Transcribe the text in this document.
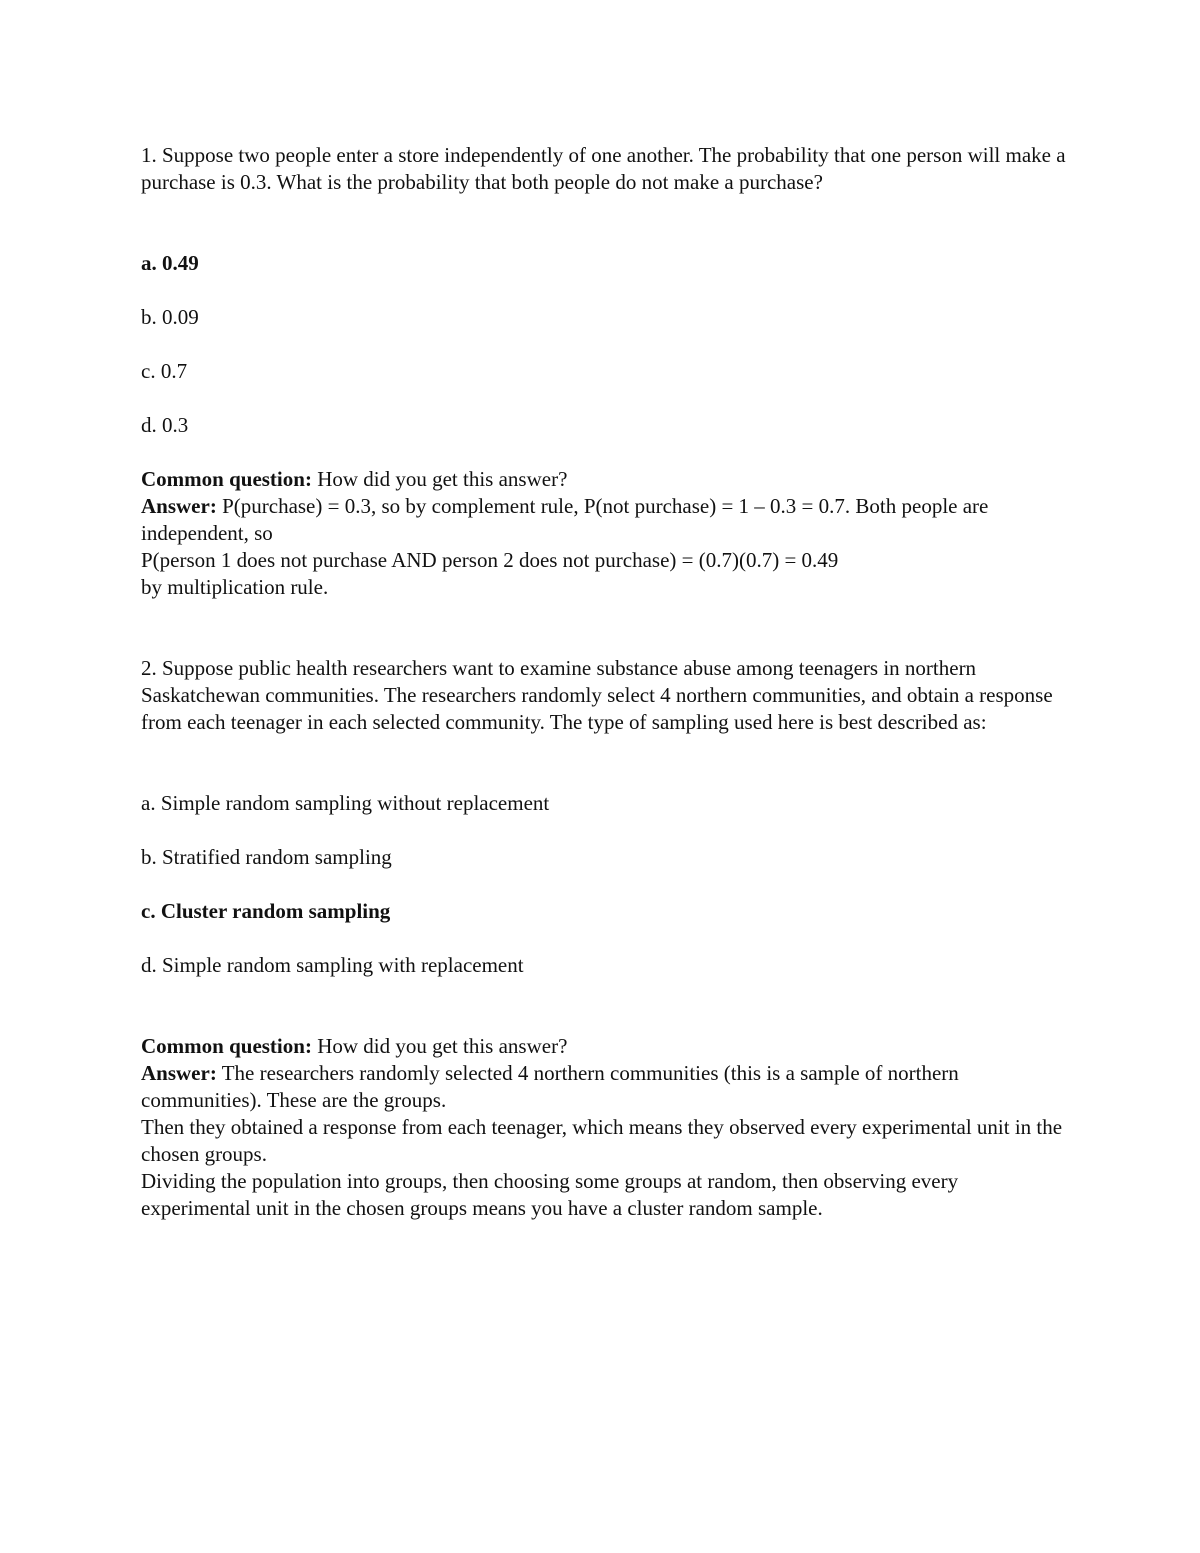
1. Suppose two people enter a store independently of one another. The probability that one person will make a purchase is 0.3. What is the probability that both people do not make a purchase?

a. 0.49

b. 0.09

c. 0.7

d. 0.3

Common question: How did you get this answer?

Answer: P(purchase) = 0.3, so by complement rule, P(not purchase) = 1 – 0.3 = 0.7. Both people are independent, so

P(person 1 does not purchase AND person 2 does not purchase) = (0.7)(0.7) = 0.49

by multiplication rule.

2. Suppose public health researchers want to examine substance abuse among teenagers in northern Saskatchewan communities. The researchers randomly select 4 northern communities, and obtain a response from each teenager in each selected community. The type of sampling used here is best described as:

a. Simple random sampling without replacement

b. Stratified random sampling

c. Cluster random sampling

d. Simple random sampling with replacement

Common question: How did you get this answer?

Answer: The researchers randomly selected 4 northern communities (this is a sample of northern communities). These are the groups.

Then they obtained a response from each teenager, which means they observed every experimental unit in the chosen groups.

Dividing the population into groups, then choosing some groups at random, then observing every experimental unit in the chosen groups means you have a cluster random sample.
